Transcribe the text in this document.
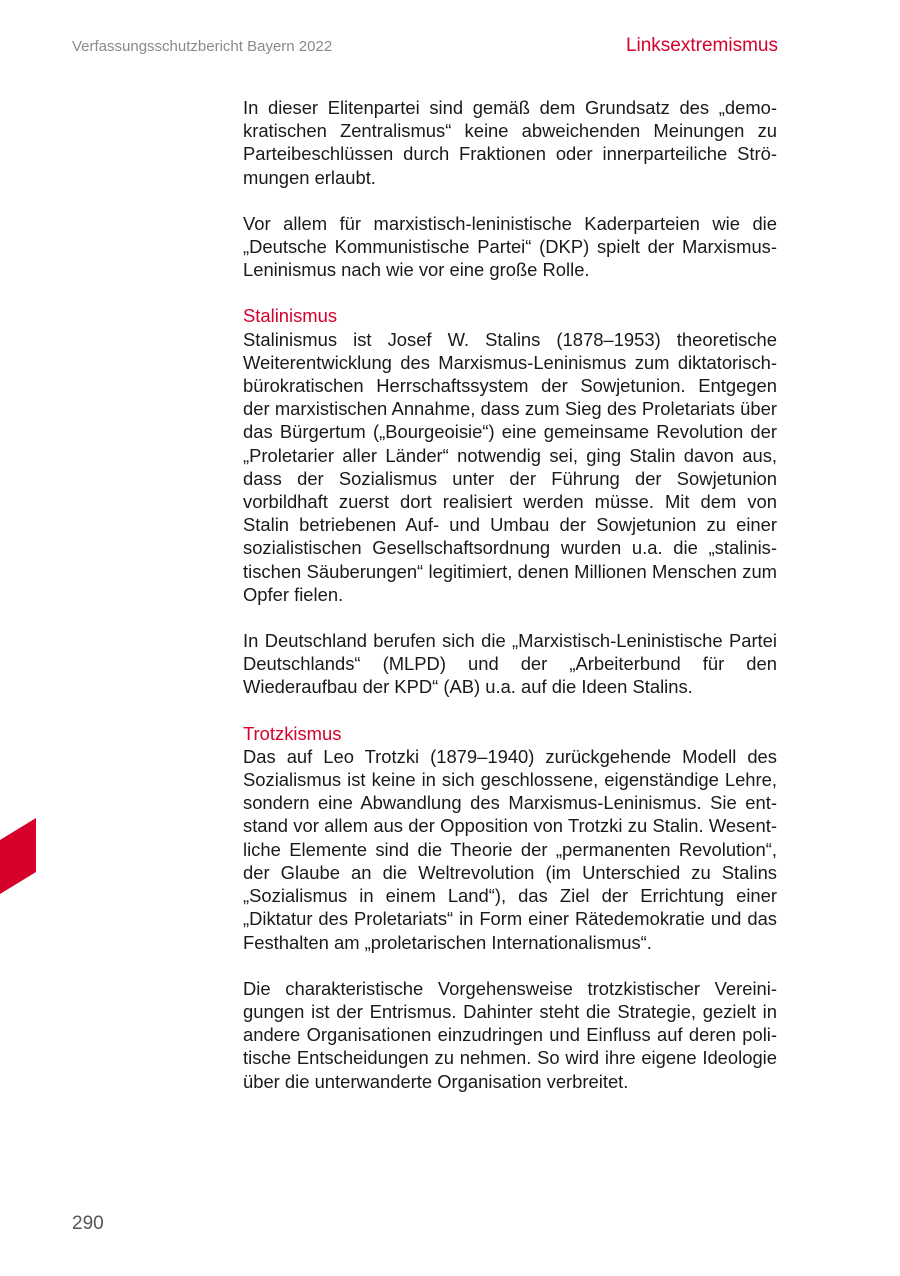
Verfassungsschutzbericht Bayern 2022	Linksextremismus

In dieser Elitenpartei sind gemäß dem Grundsatz des „demokratischen Zentralismus“ keine abweichenden Meinungen zu Parteibeschlüssen durch Fraktionen oder innerparteiliche Strömungen erlaubt.

Vor allem für marxistisch-leninistische Kaderparteien wie die „Deutsche Kommunistische Partei“ (DKP) spielt der Marxismus-Leninismus nach wie vor eine große Rolle.

Stalinismus

Stalinismus ist Josef W. Stalins (1878–1953) theoretische Weiterentwicklung des Marxismus-Leninismus zum diktatorisch-bürokratischen Herrschaftssystem der Sowjetunion. Entgegen der marxistischen Annahme, dass zum Sieg des Proletariats über das Bürgertum („Bourgeoisie“) eine gemeinsame Revolution der „Proletarier aller Länder“ notwendig sei, ging Stalin davon aus, dass der Sozialismus unter der Führung der Sowjetunion vorbildhaft zuerst dort realisiert werden müsse. Mit dem von Stalin betriebenen Auf- und Umbau der Sowjetunion zu einer sozialistischen Gesellschaftsordnung wurden u.a. die „stalinistischen Säuberungen“ legitimiert, denen Millionen Menschen zum Opfer fielen.

In Deutschland berufen sich die „Marxistisch-Leninistische Partei Deutschlands“ (MLPD) und der „Arbeiterbund für den Wiederaufbau der KPD“ (AB) u.a. auf die Ideen Stalins.

Trotzkismus

Das auf Leo Trotzki (1879–1940) zurückgehende Modell des Sozialismus ist keine in sich geschlossene, eigenständige Lehre, sondern eine Abwandlung des Marxismus-Leninismus. Sie entstand vor allem aus der Opposition von Trotzki zu Stalin. Wesentliche Elemente sind die Theorie der „permanenten Revolution“, der Glaube an die Weltrevolution (im Unterschied zu Stalins „Sozialismus in einem Land“), das Ziel der Errichtung einer „Diktatur des Proletariats“ in Form einer Rätedemokratie und das Festhalten am „proletarischen Internationalismus“.

Die charakteristische Vorgehensweise trotzkistischer Vereinigungen ist der Entrismus. Dahinter steht die Strategie, gezielt in andere Organisationen einzudringen und Einfluss auf deren politische Entscheidungen zu nehmen. So wird ihre eigene Ideologie über die unterwanderte Organisation verbreitet.

290
